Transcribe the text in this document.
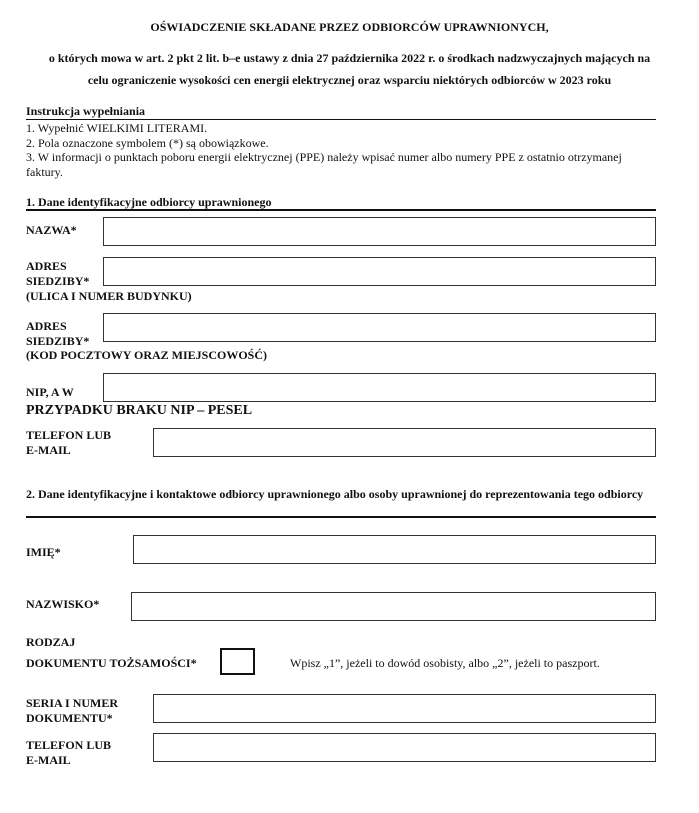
OŚWIADCZENIE SKŁADANE PRZEZ ODBIORCÓW UPRAWNIONYCH,
o których mowa w art. 2 pkt 2 lit. b–e ustawy z dnia 27 października 2022 r. o środkach nadzwyczajnych mających na
celu ograniczenie wysokości cen energii elektrycznej oraz wsparciu niektórych odbiorców w 2023 roku
Instrukcja wypełniania
1. Wypełnić WIELKIMI LITERAMI.
2. Pola oznaczone symbolem (*) są obowiązkowe.
3. W informacji o punktach poboru energii elektrycznej (PPE) należy wpisać numer albo numery PPE z ostatnio otrzymanej faktury.
1. Dane identyfikacyjne odbiorcy uprawnionego
NAZWA*
ADRES
SIEDZIBY*
(ULICA I NUMER BUDYNKU)
ADRES
SIEDZIBY*
(KOD POCZTOWY ORAZ MIEJSCOWOŚĆ)
NIP, A W
PRZYPADKU BRAKU NIP – PESEL
TELEFON LUB
E-MAIL
2. Dane identyfikacyjne i kontaktowe odbiorcy uprawnionego albo osoby uprawnionej do reprezentowania tego odbiorcy
IMIĘ*
NAZWISKO*
RODZAJ
DOKUMENTU TOŻSAMOŚCI*	Wpisz „1”, jeżeli to dowód osobisty, albo „2”, jeżeli to paszport.
SERIA I NUMER
DOKUMENTU*
TELEFON LUB
E-MAIL
